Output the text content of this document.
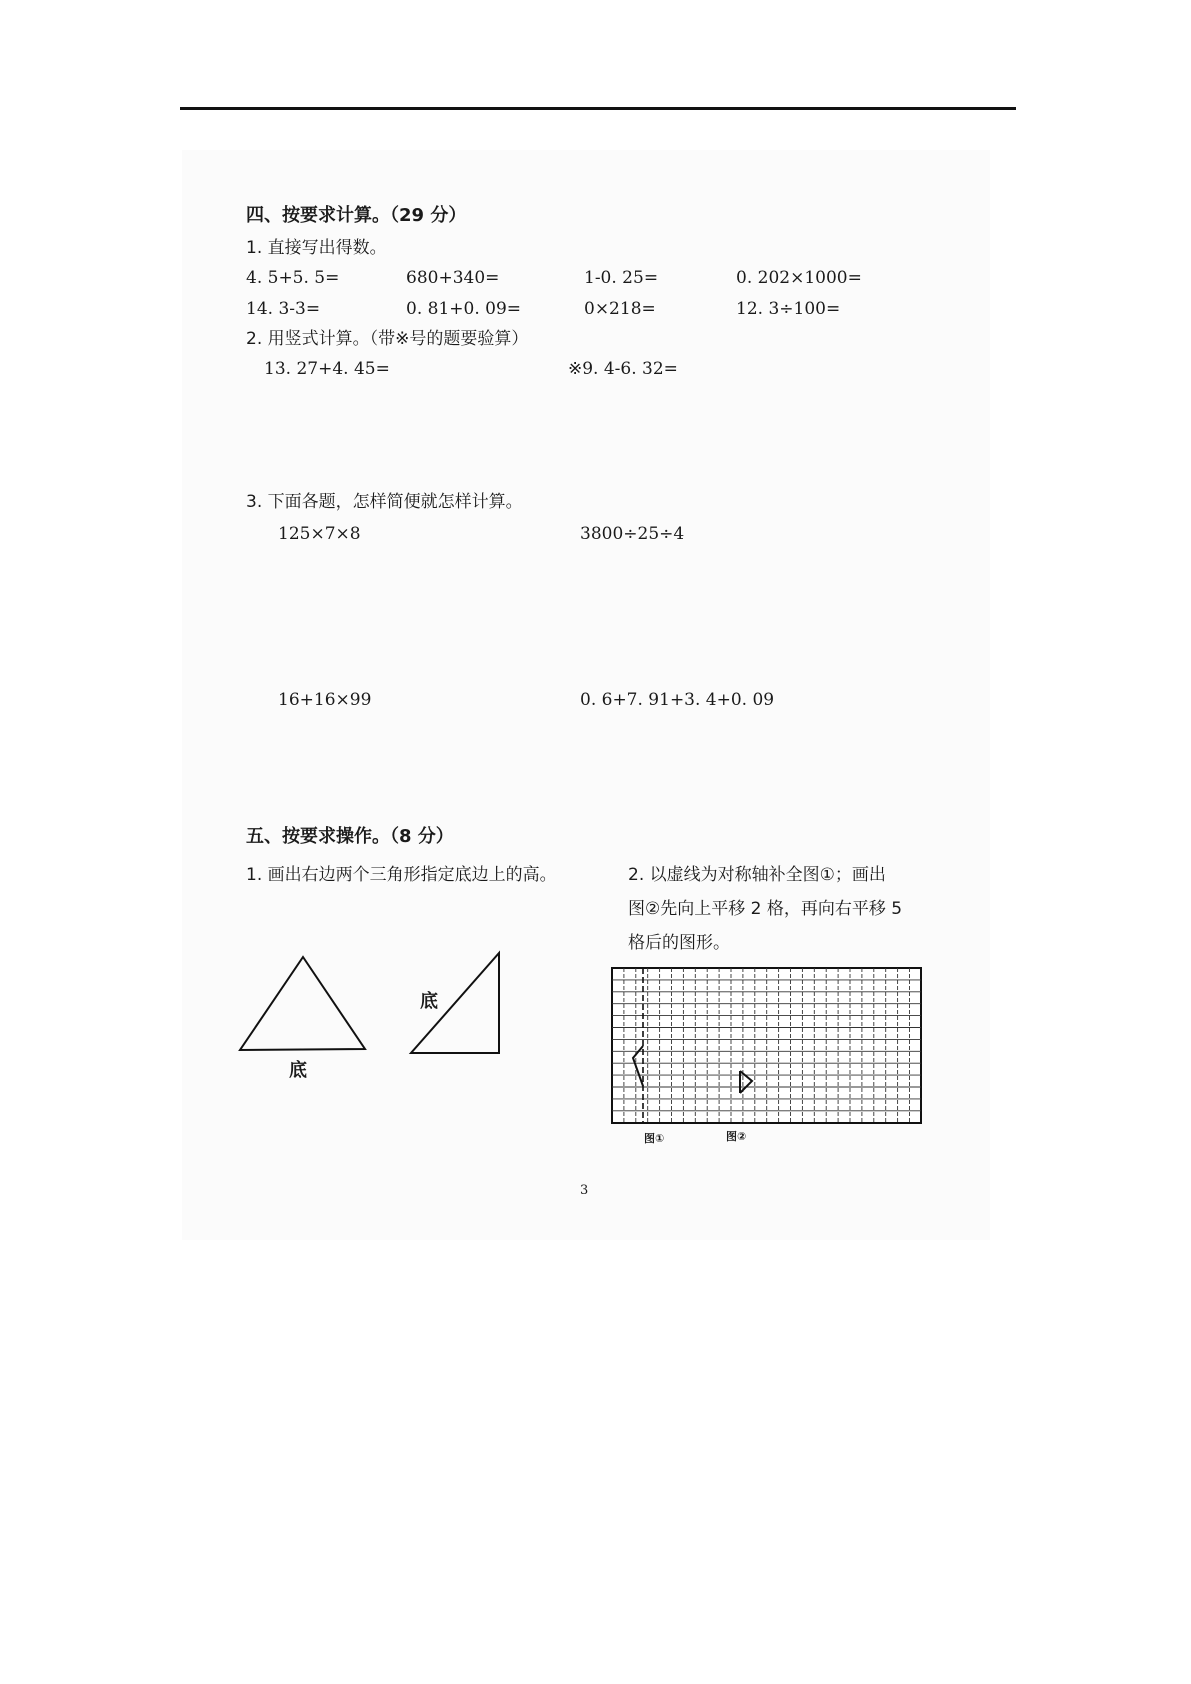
四、按要求计算。（29 分）
1. 直接写出得数。
4. 5+5. 5=	680+340=	1-0. 25=	0. 202×1000=
14. 3-3=	0. 81+0. 09=	0×218=	12. 3÷100=
2. 用竖式计算。（带※号的题要验算）
13. 27+4. 45=	※9. 4-6. 32=
3. 下面各题，怎样简便就怎样计算。
125×7×8	3800÷25÷4
16+16×99	0. 6+7. 91+3. 4+0. 09
五、按要求操作。（8 分）
1. 画出右边两个三角形指定底边上的高。	2. 以虚线为对称轴补全图①；画出
图②先向上平移 2 格，再向右平移 5
格后的图形。
底
底
图①	图②
3
